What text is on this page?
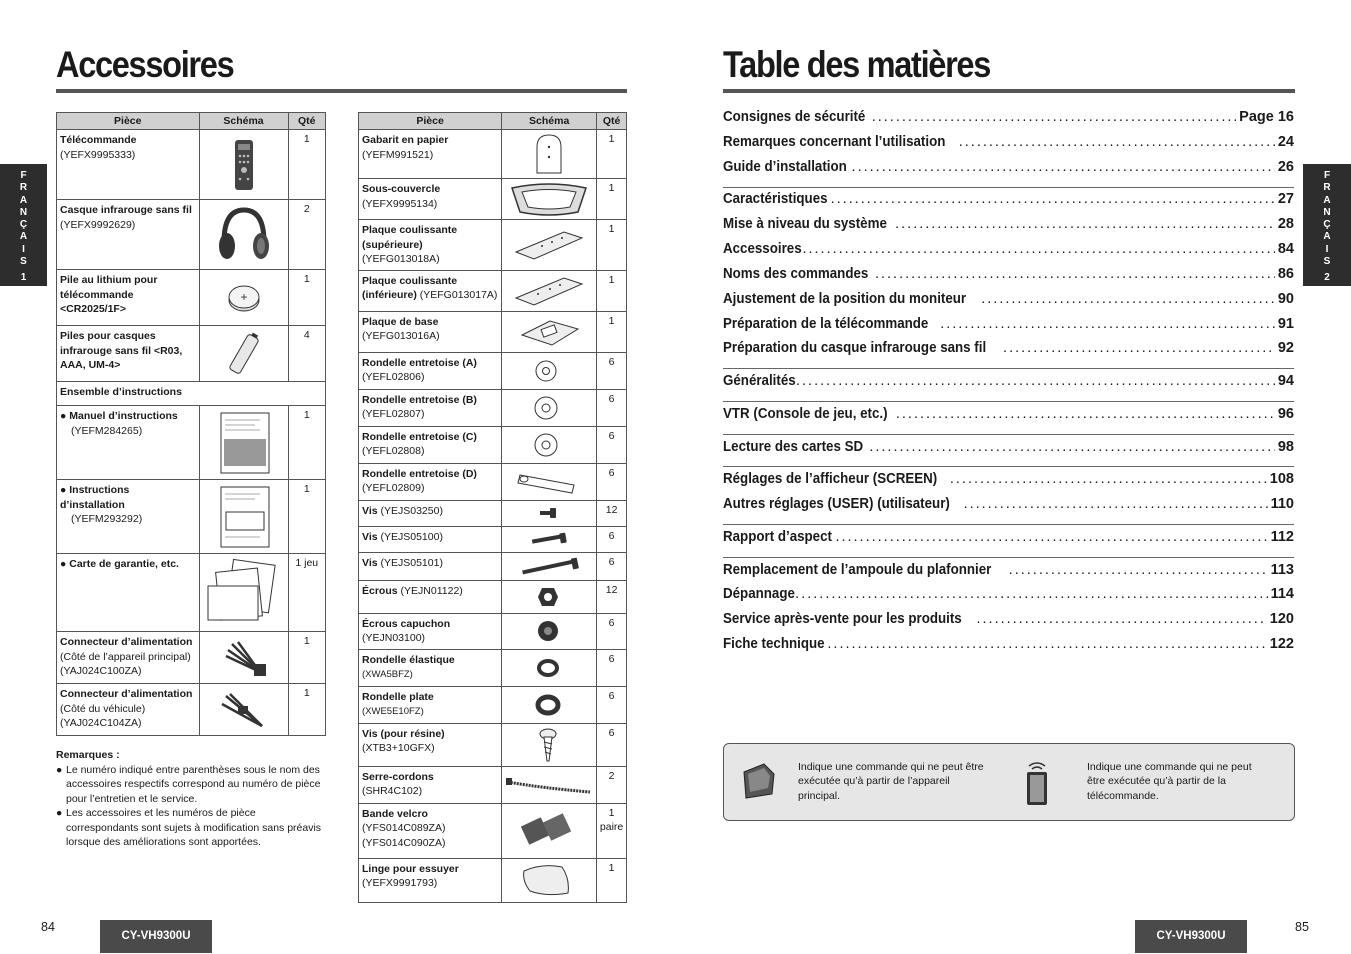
Accessoires
F
R
A
N
Ç
A
I
S
1
Pièce	Schéma	Qté
Télécommande
(YEFX9995333)		1
Casque infrarouge sans fil
(YEFX9992629)		2
Pile au lithium pour télécommande <CR2025/1F>	+	1
Piles pour casques infrarouge sans fil <R03, AAA, UM-4>		4
Ensemble d’instructions		
● Manuel d’instructions
(YEFM284265)		1
● Instructions d’installation
(YEFM293292)		1
● Carte de garantie, etc.		1 jeu
Connecteur d’alimentation
(Côté de l’appareil principal) (YAJ024C100ZA)		1
Connecteur d’alimentation
(Côté du véhicule) (YAJ024C104ZA)		1
Remarques :
● Le numéro indiqué entre parenthèses sous le nom des accessoires respectifs correspond au numéro de pièce pour l’entretien et le service.
● Les accessoires et les numéros de pièce correspondants sont sujets à modification sans préavis lorsque des améliorations sont apportées.
Pièce	Schéma	Qté
Gabarit en papier
(YEFM991521)		1
Sous-couvercle
(YEFX9995134)		1
Plaque coulissante (supérieure) (YEFG013018A)		1
Plaque coulissante (inférieure) (YEFG013017A)		1
Plaque de base
(YEFG013016A)		1
Rondelle entretoise (A)
(YEFL02806)		6
Rondelle entretoise (B)
(YEFL02807)		6
Rondelle entretoise (C)
(YEFL02808)		6
Rondelle entretoise (D)
(YEFL02809)		6
Vis (YEJS03250)		12
Vis (YEJS05100)		6
Vis (YEJS05101)		6
Écrous (YEJN01122)		12
Écrous capuchon
(YEJN03100)		6
Rondelle élastique
(XWA5BFZ)		6
Rondelle plate
(XWE5E10FZ)		6
Vis (pour résine)
(XTB3+10GFX)		6
Serre-cordons
(SHR4C102)		2
Bande velcro
(YFS014C089ZA) (YFS014C090ZA)		1 paire
Linge pour essuyer
(YEFX9991793)		1
84
CY-VH9300U
Table des matières
F
R
A
N
Ç
A
I
S
2
Consignes de sécurité .....	Page 16
Remarques concernant l’utilisation .....	24
Guide d’installation .....	26
Caractéristiques .....	27
Mise à niveau du système .....	28
Accessoires .....	84
Noms des commandes .....	86
Ajustement de la position du moniteur .....	90
Préparation de la télécommande .....	91
Préparation du casque infrarouge sans fil .....	92
Généralités .....	94
VTR (Console de jeu, etc.) .....	96
Lecture des cartes SD .....	98
Réglages de l’afficheur (SCREEN) .....	108
Autres réglages (USER) (utilisateur) .....	110
Rapport d’aspect .....	112
Remplacement de l’ampoule du plafonnier .....	113
Dépannage .....	114
Service après-vente pour les produits .....	120
Fiche technique .....	122
Indique une commande qui ne peut être exécutée qu’à partir de l’appareil principal.
Indique une commande qui ne peut être exécutée qu’à partir de la télécommande.
85
CY-VH9300U
